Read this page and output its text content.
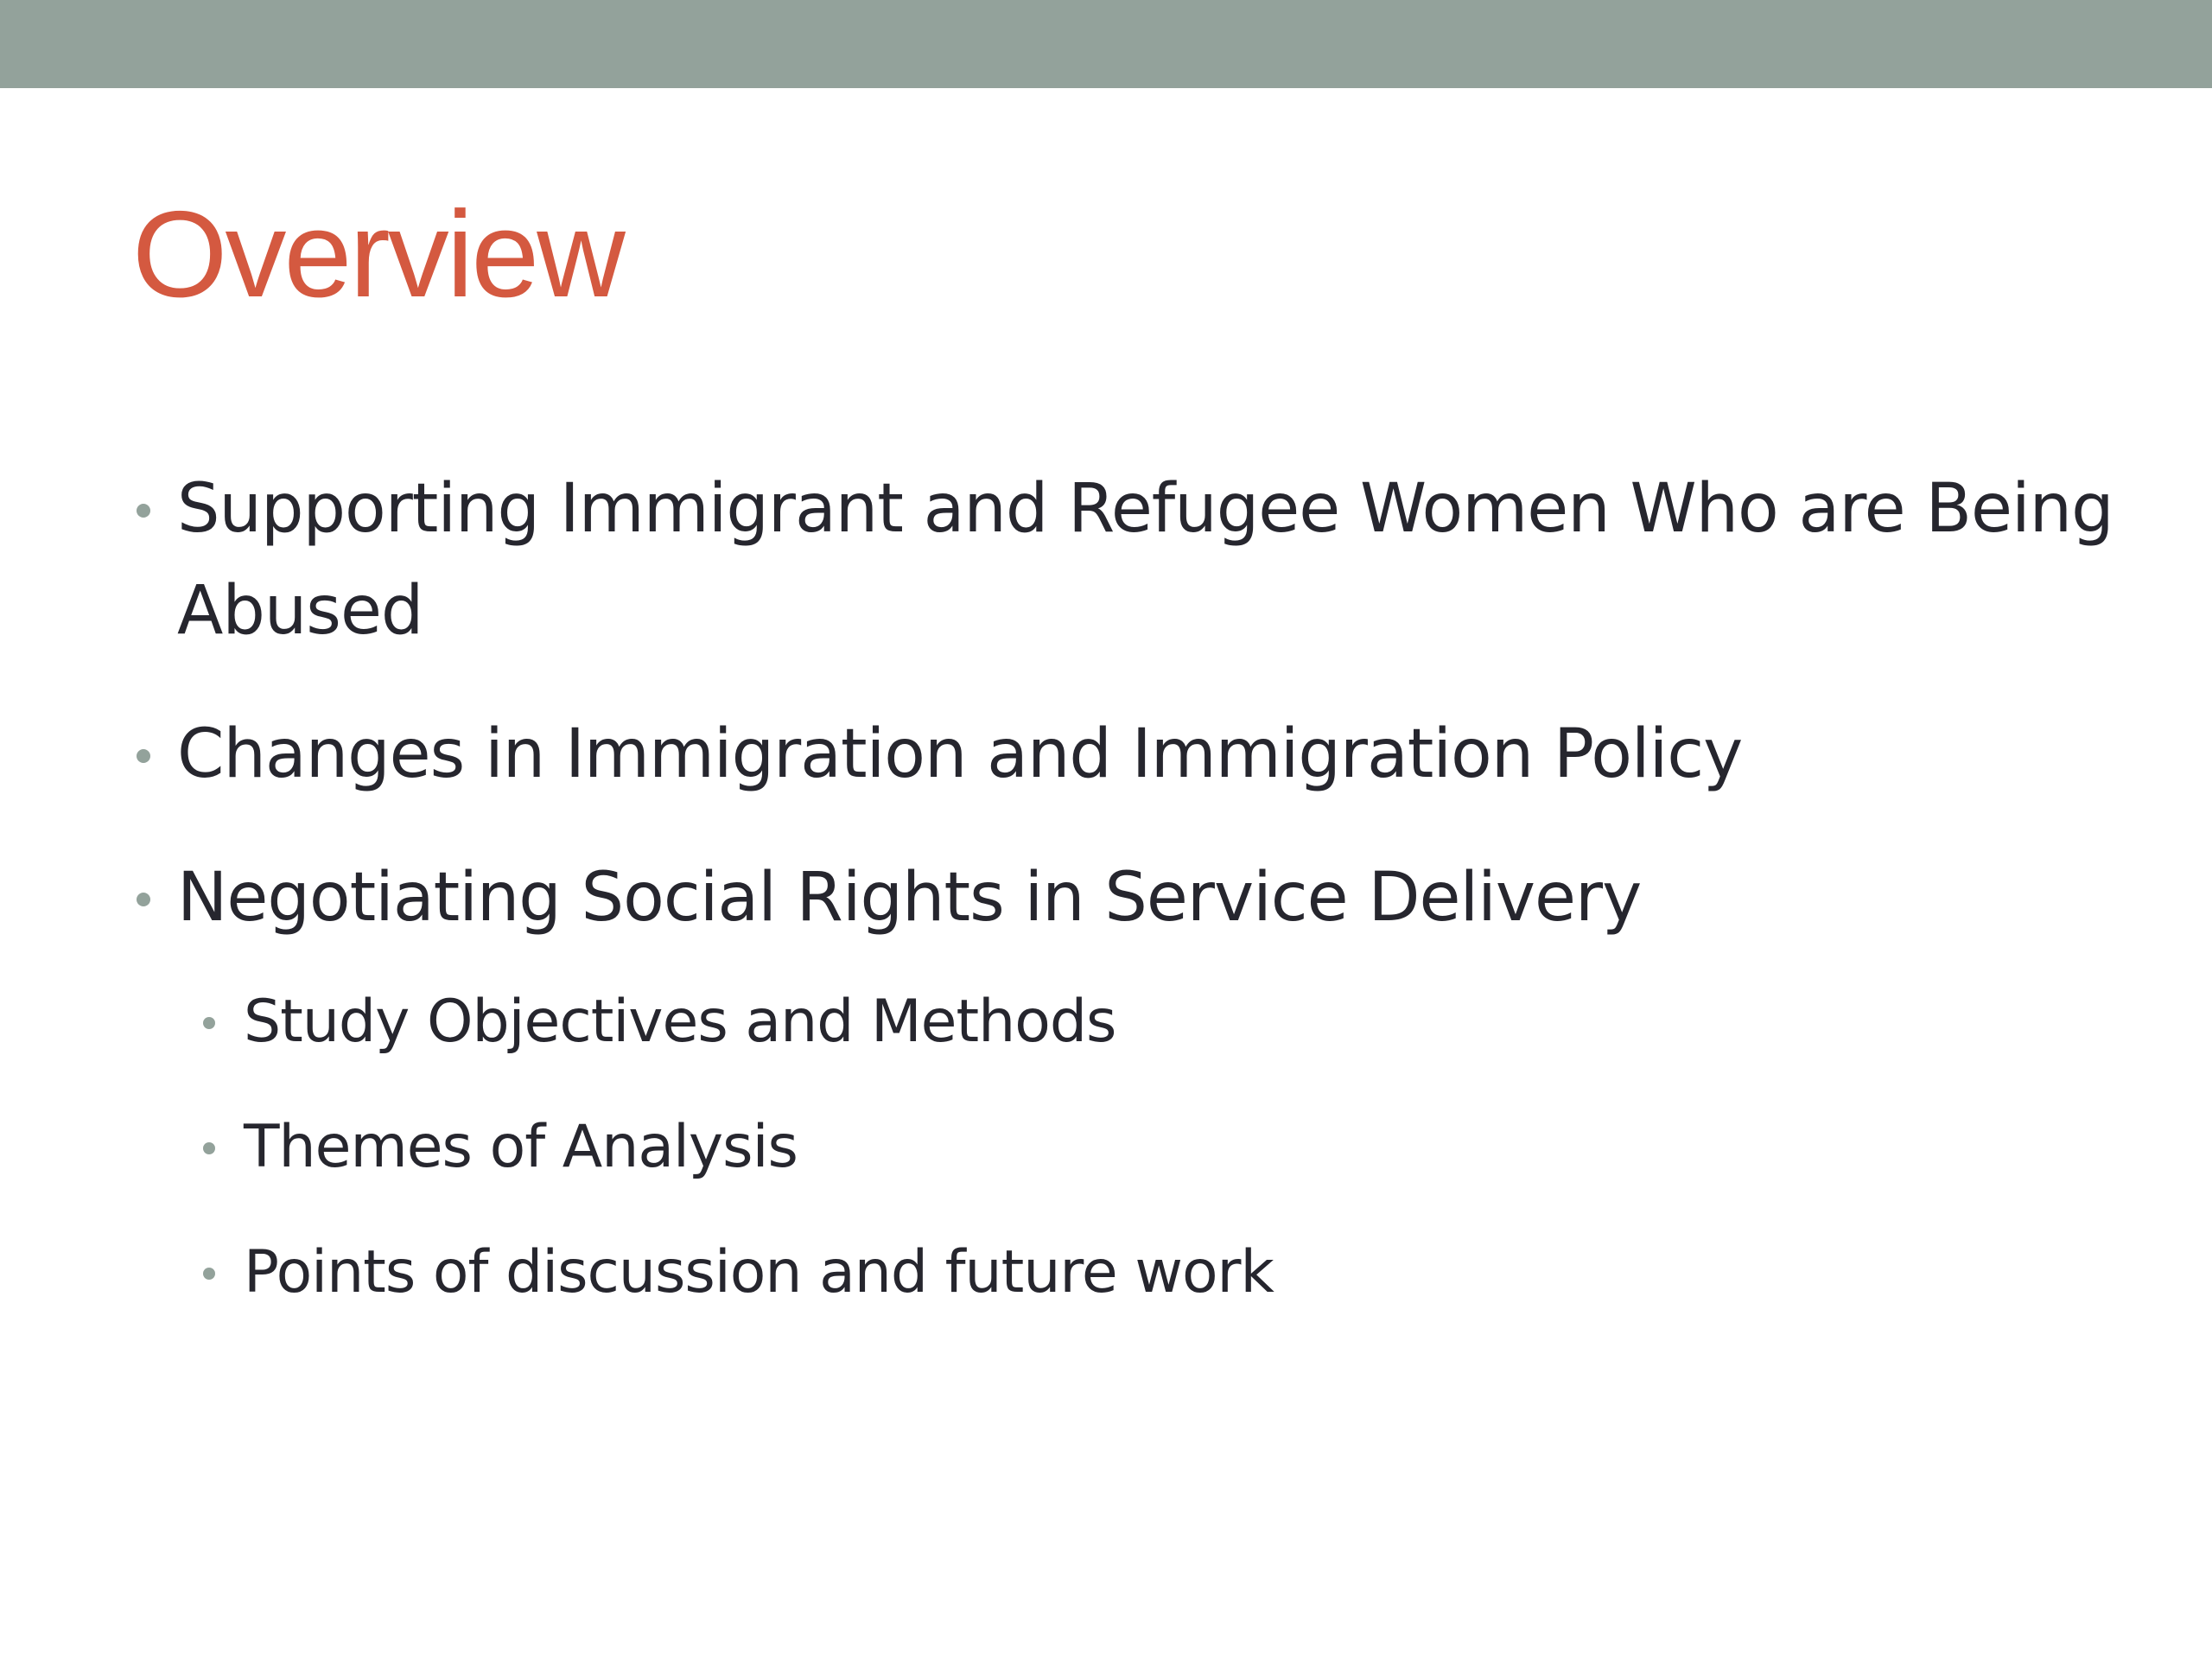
Overview
Supporting Immigrant and Refugee Women Who are Being Abused
Changes in Immigration and Immigration Policy
Negotiating Social Rights in Service Delivery
Study Objectives and Methods
Themes of Analysis
Points of discussion and future work
